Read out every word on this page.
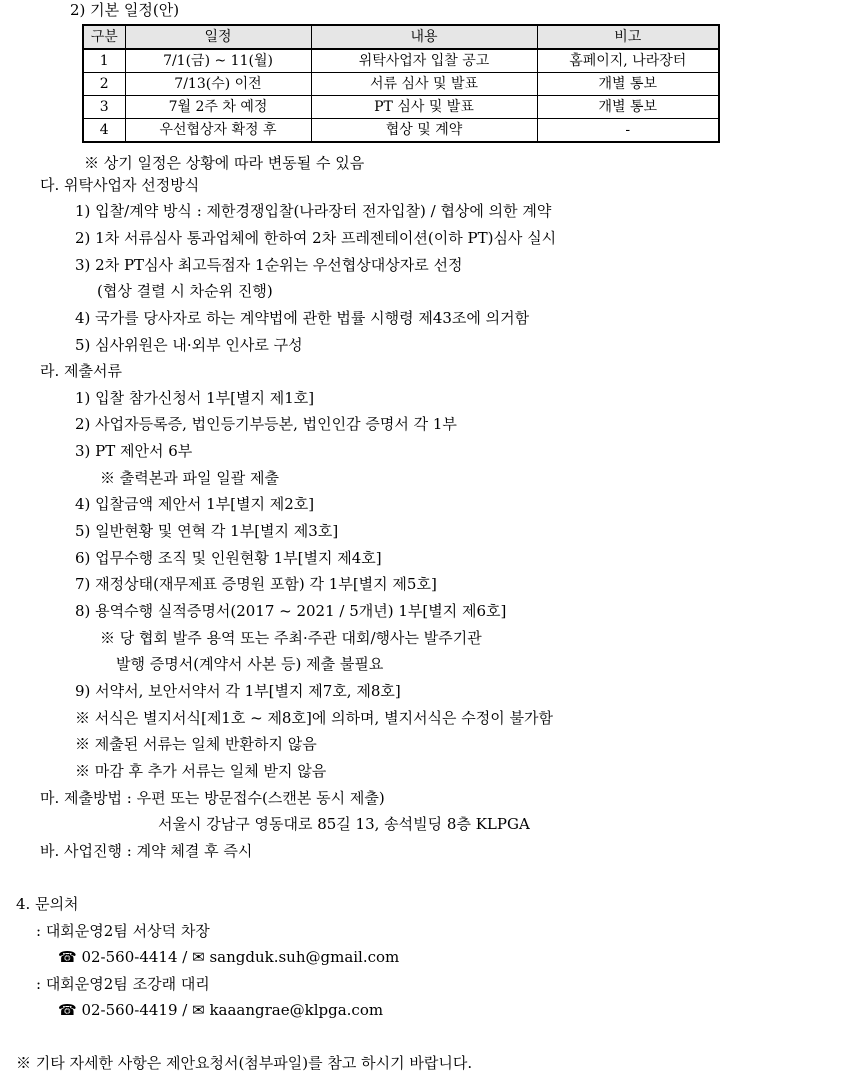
2) 기본 일정(안)
구분	일정	내용	비고
1	7/1(금) ~ 11(월)	위탁사업자 입찰 공고	홈페이지, 나라장터
2	7/13(수) 이전	서류 심사 및 발표	개별 통보
3	7월 2주 차 예정	PT 심사 및 발표	개별 통보
4	우선협상자 확정 후	협상 및 계약	-
※ 상기 일정은 상황에 따라 변동될 수 있음
다. 위탁사업자 선정방식
1) 입찰/계약 방식 : 제한경쟁입찰(나라장터 전자입찰) / 협상에 의한 계약
2) 1차 서류심사 통과업체에 한하여 2차 프레젠테이션(이하 PT)심사 실시
3) 2차 PT심사 최고득점자 1순위는 우선협상대상자로 선정
(협상 결렬 시 차순위 진행)
4) 국가를 당사자로 하는 계약법에 관한 법률 시행령 제43조에 의거함
5) 심사위원은 내·외부 인사로 구성
라. 제출서류
1) 입찰 참가신청서 1부[별지 제1호]
2) 사업자등록증, 법인등기부등본, 법인인감 증명서 각 1부
3) PT 제안서 6부
※ 출력본과 파일 일괄 제출
4) 입찰금액 제안서 1부[별지 제2호]
5) 일반현황 및 연혁 각 1부[별지 제3호]
6) 업무수행 조직 및 인원현황 1부[별지 제4호]
7) 재정상태(재무제표 증명원 포함) 각 1부[별지 제5호]
8) 용역수행 실적증명서(2017 ~ 2021 / 5개년) 1부[별지 제6호]
※ 당 협회 발주 용역 또는 주최·주관 대회/행사는 발주기관
발행 증명서(계약서 사본 등) 제출 불필요
9) 서약서, 보안서약서 각 1부[별지 제7호, 제8호]
※ 서식은 별지서식[제1호 ~ 제8호]에 의하며, 별지서식은 수정이 불가함
※ 제출된 서류는 일체 반환하지 않음
※ 마감 후 추가 서류는 일체 받지 않음
마. 제출방법 : 우편 또는 방문접수(스캔본 동시 제출)
서울시 강남구 영동대로 85길 13, 송석빌딩 8층 KLPGA
바. 사업진행 : 계약 체결 후 즉시
4. 문의처
: 대회운영2팀 서상덕 차장
☎ 02-560-4414 / ✉ sangduk.suh@gmail.com
: 대회운영2팀 조강래 대리
☎ 02-560-4419 / ✉ kaaangrae@klpga.com
※ 기타 자세한 사항은 제안요청서(첨부파일)를 참고 하시기 바랍니다.
